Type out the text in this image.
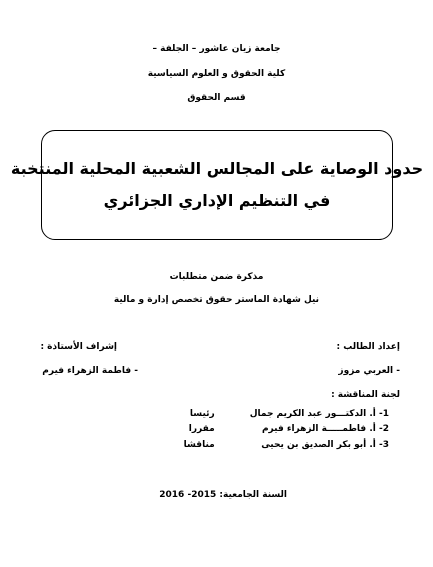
جامعة زيان عاشور – الجلفة –
كلية الحقوق و العلوم السياسية
قسم الحقوق
حدود الوصاية على المجالس الشعبية المحلية المنتخبة
في التنظيم الإداري الجزائري
مذكرة ضمن متطلبات
نيل شهادة الماستر حقوق تخصص إدارة و مالية
إعداد الطالب :
إشراف الأستاذة :
- العربي مزوز
- فاطمة الزهراء فيرم
لجنة المناقشة :
1- أ. الدكتـــور عبد الكريم جمال رئيسا
2- أ. فاطمـــــة الزهراء فيرم مقررا
3- أ. أبو بكر الصديق بن يحيى مناقشا
السنة الجامعية: 2015- 2016
